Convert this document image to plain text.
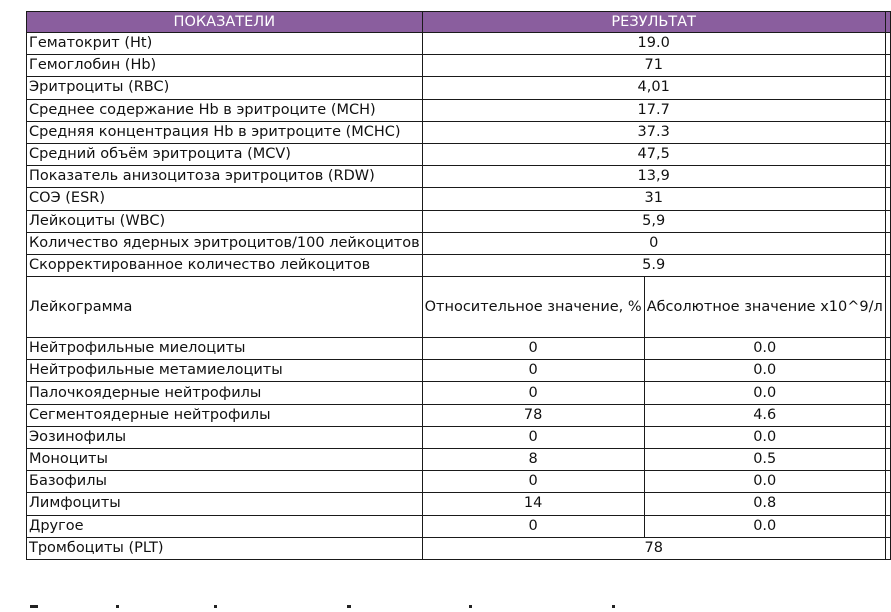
ПОКАЗАТЕЛИ	РЕЗУЛЬТАТ		
Гематокрит (Ht)	19.0		
Гемоглобин (Hb)	71		
Эритроциты (RBC)	4,01		
Среднее содержание Нb в эритроците (MCH)	17.7		
Средняя концентрация Нb в эритроците (MCHC)	37.3		
Средний объём эритроцита (MCV)	47,5		
Показатель анизоцитоза эритроцитов (RDW)	13,9		
СОЭ (ESR)	31		
Лейкоциты (WBC)	5,9		
Количество ядерных эритроцитов/100 лейкоцитов	0		
Скорректированное количество лейкоцитов	5.9		
Лейкограмма	Относительное значение, %	Абсолютное значение x10^9/л	
Нейтрофильные миелоциты	0	0.0	
Нейтрофильные метамиелоциты	0	0.0	
Палочкоядерные нейтрофилы	0	0.0	
Сегментоядерные нейтрофилы	78	4.6	
Эозинофилы	0	0.0	
Моноциты	8	0.5	
Базофилы	0	0.0	
Лимфоциты	14	0.8	
Другое	0	0.0	
Тромбоциты (PLT)	78		
